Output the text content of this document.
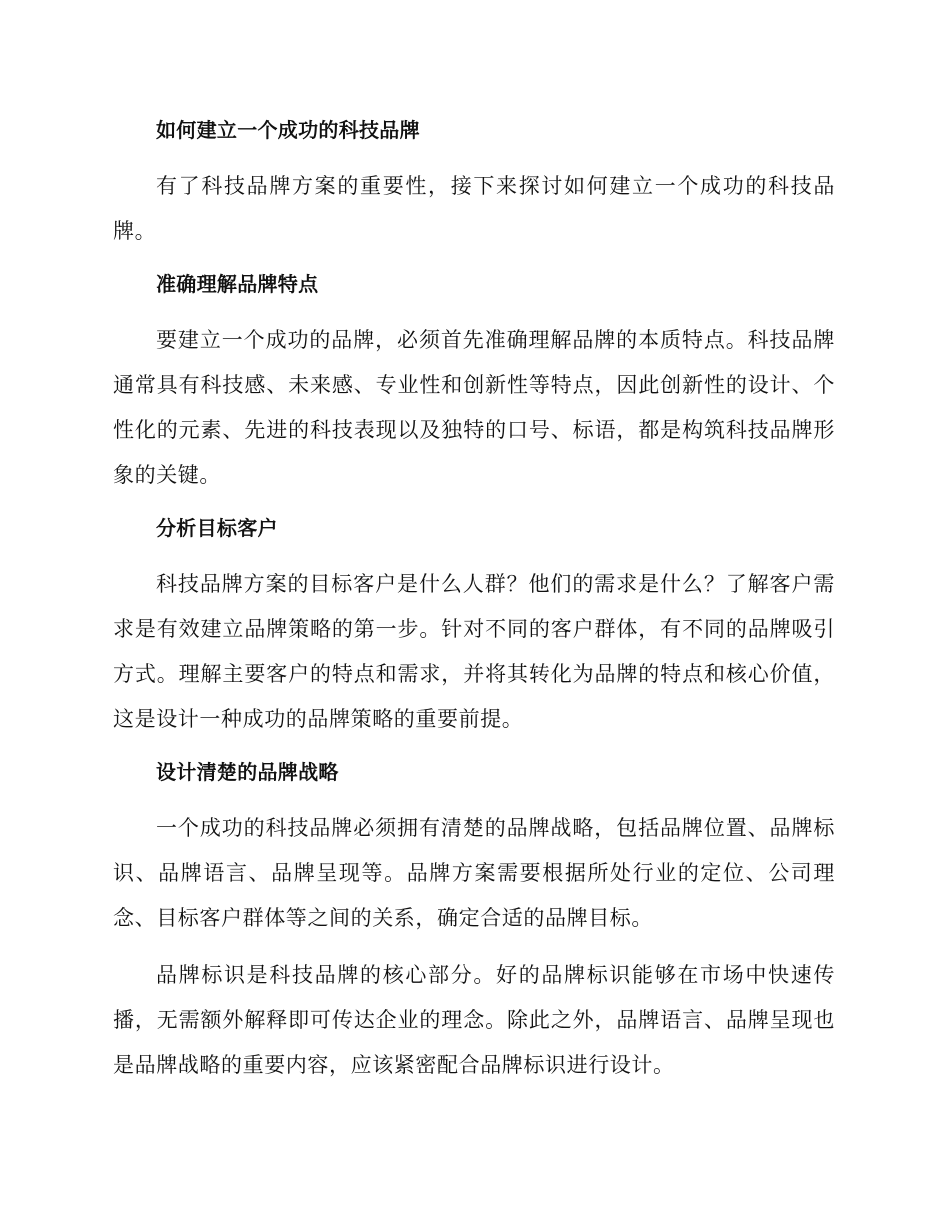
如何建立一个成功的科技品牌

有了科技品牌方案的重要性，接下来探讨如何建立一个成功的科技品牌。

准确理解品牌特点

要建立一个成功的品牌，必须首先准确理解品牌的本质特点。科技品牌通常具有科技感、未来感、专业性和创新性等特点，因此创新性的设计、个性化的元素、先进的科技表现以及独特的口号、标语，都是构筑科技品牌形象的关键。

分析目标客户

科技品牌方案的目标客户是什么人群？他们的需求是什么？了解客户需求是有效建立品牌策略的第一步。针对不同的客户群体，有不同的品牌吸引方式。理解主要客户的特点和需求，并将其转化为品牌的特点和核心价值，这是设计一种成功的品牌策略的重要前提。

设计清楚的品牌战略

一个成功的科技品牌必须拥有清楚的品牌战略，包括品牌位置、品牌标识、品牌语言、品牌呈现等。品牌方案需要根据所处行业的定位、公司理念、目标客户群体等之间的关系，确定合适的品牌目标。

品牌标识是科技品牌的核心部分。好的品牌标识能够在市场中快速传播，无需额外解释即可传达企业的理念。除此之外，品牌语言、品牌呈现也是品牌战略的重要内容，应该紧密配合品牌标识进行设计。
